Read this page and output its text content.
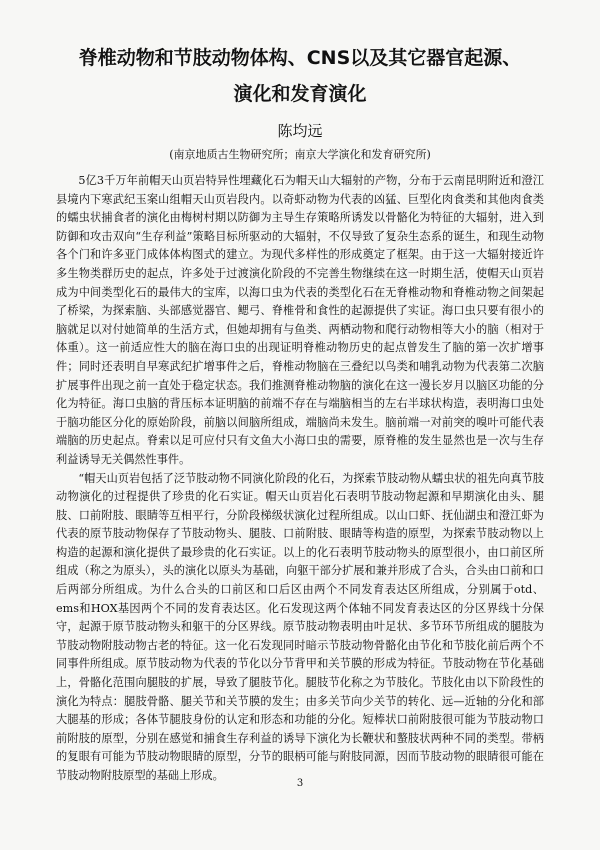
脊椎动物和节肢动物体构、CNS以及其它器官起源、
演化和发育演化
陈均远
(南京地质古生物研究所；南京大学演化和发育研究所)

5亿3千万年前帽天山页岩特异性埋藏化石为帽天山大辐射的产物，分布于云南昆明附近和澄江县境内下寒武纪玉案山组帽天山页岩段内。以奇虾动物为代表的凶猛、巨型化肉食类和其他肉食类的蠕虫状捕食者的演化由梅树村期以防御为主导生存策略所诱发以骨骼化为特征的大辐射，进入到防御和攻击双向“生存利益”策略目标所驱动的大辐射，不仅导致了复杂生态系的诞生，和现生动物各个门和许多亚门成体体构图式的建立。为现代多样性的形成奠定了框架。由于这一大辐射接近许多生物类群历史的起点，许多处于过渡演化阶段的不完善生物继续在这一时期生活，使帽天山页岩成为中间类型化石的最伟大的宝库，以海口虫为代表的类型化石在无脊椎动物和脊椎动物之间架起了桥梁，为探索脑、头部感觉器官、鳃弓、脊椎骨和食性的起源提供了实证。海口虫只要有很小的脑就足以对付她简单的生活方式，但她却拥有与鱼类、两栖动物和爬行动物相等大小的脑（相对于体重）。这一前适应性大的脑在海口虫的出现证明脊椎动物历史的起点曾发生了脑的第一次扩增事件；同时还表明自早寒武纪扩增事件之后，脊椎动物脑在三叠纪以鸟类和哺乳动物为代表第二次脑扩展事件出现之前一直处于稳定状态。我们推测脊椎动物脑的演化在这一漫长岁月以脑区功能的分化为特征。海口虫脑的背压标本证明脑的前端不存在与端脑相当的左右半球状构造，表明海口虫处于脑功能区分化的原始阶段，前脑以间脑所组成，端脑尚未发生。脑前端一对前突的嗅叶可能代表端脑的历史起点。脊索以足可应付只有文鱼大小海口虫的需要，原脊椎的发生显然也是一次与生存利益诱导无关偶然性事件。

“帽天山页岩包括了泛节肢动物不同演化阶段的化石，为探索节肢动物从蠕虫状的祖先向真节肢动物演化的过程提供了珍贵的化石实证。帽天山页岩化石表明节肢动物起源和早期演化由头、腿肢、口前附肢、眼睛等互相平行，分阶段梯级状演化过程所组成。以山口虾、抚仙湖虫和澄江虾为代表的原节肢动物保存了节肢动物头、腿肢、口前附肢、眼睛等构造的原型，为探索节肢动物以上构造的起源和演化提供了最珍贵的化石实证。以上的化石表明节肢动物头的原型很小，由口前区所组成（称之为原头），头的演化以原头为基础，向躯干部分扩展和兼并形成了合头，合头由口前和口后两部分所组成。为什么合头的口前区和口后区由两个不同发育表达区所组成，分别属于otd、ems和HOX基因两个不同的发育表达区。化石发现这两个体轴不同发育表达区的分区界线十分保守，起源于原节肢动物头和躯干的分区界线。原节肢动物表明由叶足状、多节环节所组成的腿肢为节肢动物附肢动物古老的特征。这一化石发现同时暗示节肢动物骨骼化由节化和节肢化前后两个不同事件所组成。原节肢动物为代表的节化以分节背甲和关节膜的形成为特征。节肢动物在节化基础上，骨骼化范围向腿肢的扩展，导致了腿肢节化。腿肢节化称之为节肢化。节肢化由以下阶段性的演化为特点：腿肢骨骼、腿关节和关节膜的发生；由多关节向少关节的转化、远—近轴的分化和部大腿基的形成；各体节腿肢身份的认定和形态和功能的分化。短棒状口前附肢很可能为节肢动物口前附肢的原型，分别在感觉和捕食生存利益的诱导下演化为长鞭状和螯肢状两种不同的类型。带柄的复眼有可能为节肢动物眼睛的原型，分节的眼柄可能与附肢同源，因而节肢动物的眼睛很可能在节肢动物附肢原型的基础上形成。

3
